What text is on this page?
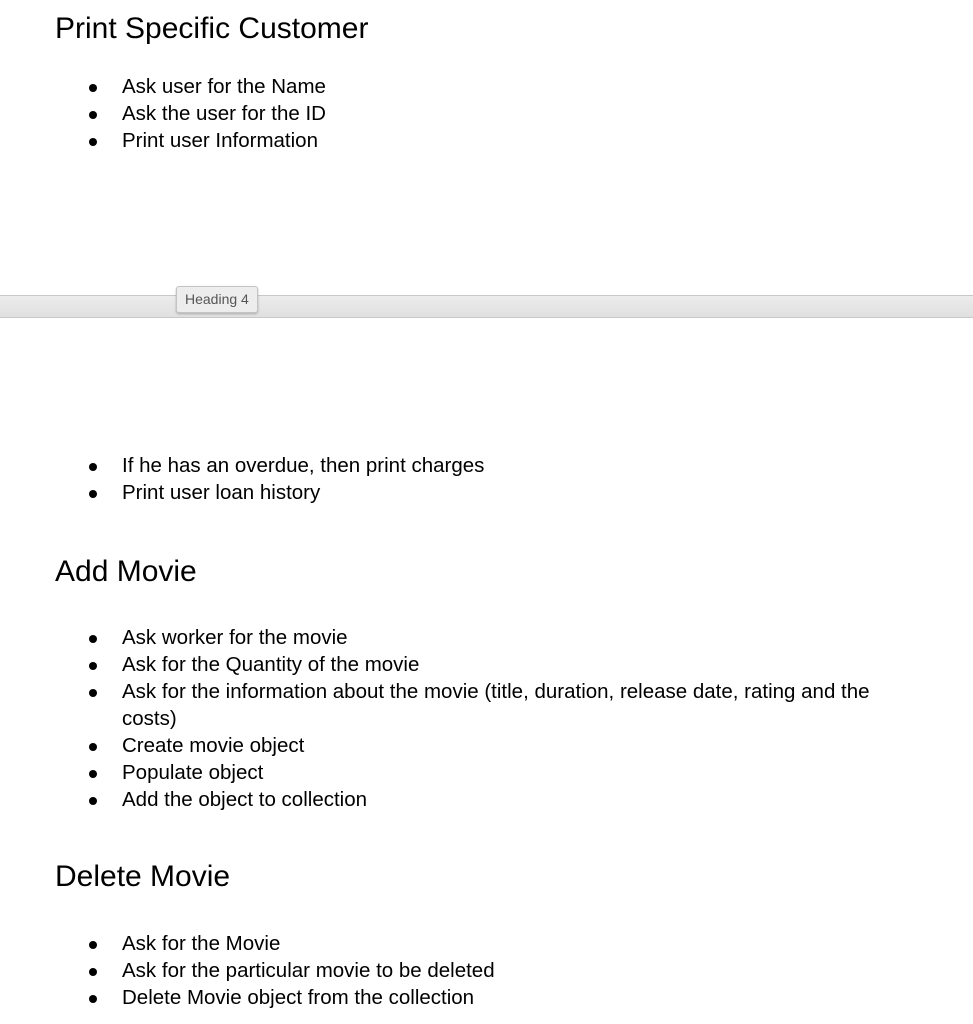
Print Specific Customer
Ask user for the Name
Ask the user for the ID
Print user Information
Heading 4
If he has an overdue, then print charges
Print user loan history
Add Movie
Ask worker for the movie
Ask for the Quantity of the movie
Ask for the information about the movie (title, duration, release date, rating and the costs)
Create movie object
Populate object
Add the object to collection
Delete Movie
Ask for the Movie
Ask for the particular movie to be deleted
Delete Movie object from the collection
